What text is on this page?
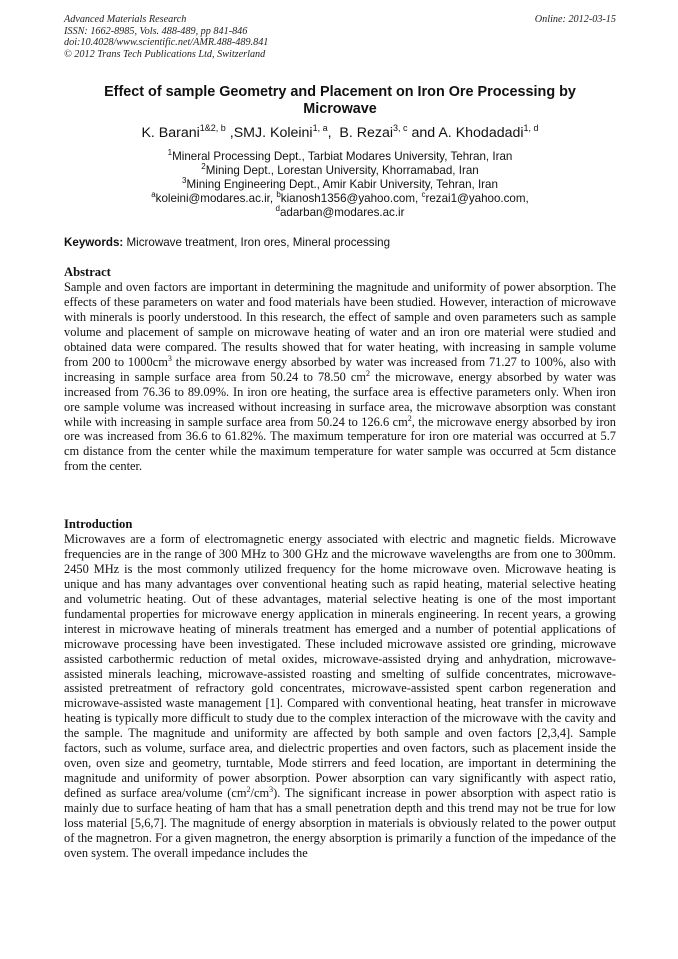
Advanced Materials Research
ISSN: 1662-8985, Vols. 488-489, pp 841-846
doi:10.4028/www.scientific.net/AMR.488-489.841
© 2012 Trans Tech Publications Ltd, Switzerland
Online: 2012-03-15
Effect of sample Geometry and Placement on Iron Ore Processing by
Microwave
K. Barani$^{1\&2, b}$ ,SMJ. Koleini$^{1, a}$,  B. Rezai$^{3, c}$ and A. Khodadadi$^{1, d}$
$^1$Mineral Processing Dept., Tarbiat Modares University, Tehran, Iran
$^2$Mining Dept., Lorestan University, Khorramabad, Iran
$^3$Mining Engineering Dept., Amir Kabir University, Tehran, Iran
$^a$koleini@modares.ac.ir, $^b$kianosh1356@yahoo.com, $^c$rezai1@yahoo.com,
$^d$adarban@modares.ac.ir
Keywords: Microwave treatment, Iron ores, Mineral processing
Abstract

Sample and oven factors are important in determining the magnitude and uniformity of power absorption. The effects of these parameters on water and food materials have been studied. However, interaction of microwave with minerals is poorly understood. In this research, the effect of sample and oven parameters such as sample volume and placement of sample on microwave heating of water and an iron ore material were studied and obtained data were compared. The results showed that for water heating, with increasing in sample volume from 200 to $1000cm^3$ the microwave energy absorbed by water was increased from 71.27 to 100%, also with increasing in sample surface area from 50.24 to 78.50 $cm^2$ the microwave, energy absorbed by water was increased from 76.36 to 89.09%. In iron ore heating, the surface area is effective parameters only. When iron ore sample volume was increased without increasing in surface area, the microwave absorption was constant while with increasing in sample surface area from 50.24 to 126.6 $cm^2$, the microwave energy absorbed by iron ore was increased from 36.6 to 61.82%. The maximum temperature for iron ore material was occurred at 5.7 cm distance from the center while the maximum temperature for water sample was occurred at 5cm distance from the center.

Introduction

Microwaves are a form of electromagnetic energy associated with electric and magnetic fields. Microwave frequencies are in the range of 300 MHz to 300 GHz and the microwave wavelengths are from one to 300mm. 2450 MHz is the most commonly utilized frequency for the home microwave oven. Microwave heating is unique and has many advantages over conventional heating such as rapid heating, material selective heating and volumetric heating. Out of these advantages, material selective heating is one of the most important fundamental properties for microwave energy application in minerals engineering. In recent years, a growing interest in microwave heating of minerals treatment has emerged and a number of potential applications of microwave processing have been investigated. These included microwave assisted ore grinding, microwave assisted carbothermic reduction of metal oxides, microwave-assisted drying and anhydration, microwave-assisted minerals leaching, microwave-assisted roasting and smelting of sulfide concentrates, microwave-assisted pretreatment of refractory gold concentrates, microwave-assisted spent carbon regeneration and microwave-assisted waste management [1]. Compared with conventional heating, heat transfer in microwave heating is typically more difficult to study due to the complex interaction of the microwave with the cavity and the sample. The magnitude and uniformity are affected by both sample and oven factors [2,3,4]. Sample factors, such as volume, surface area, and dielectric properties and oven factors, such as placement inside the oven, oven size and geometry, turntable, Mode stirrers and feed location, are important in determining the magnitude and uniformity of power absorption. Power absorption can vary significantly with aspect ratio, defined as surface area/volume $(cm^2/cm^3)$. The significant increase in power absorption with aspect ratio is mainly due to surface heating of ham that has a small penetration depth and this trend may not be true for low loss material [5,6,7]. The magnitude of energy absorption in materials is obviously related to the power output of the magnetron. For a given magnetron, the energy absorption is primarily a function of the impedance of the oven system. The overall impedance includes the
